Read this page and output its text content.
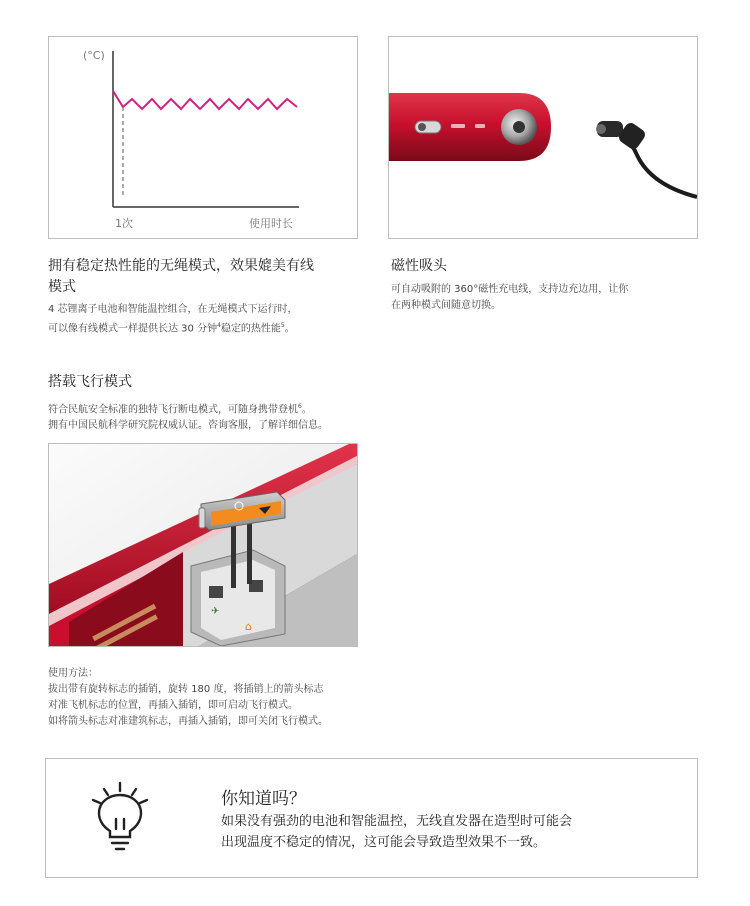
(°C)
1次	使用时长
拥有稳定热性能的无绳模式，效果媲美有线模式
4 芯锂离子电池和智能温控组合，在无绳模式下运行时，
可以像有线模式一样提供长达 30 分钟$^4$稳定的热性能$^5$。
磁性吸头
可自动吸附的 360°磁性充电线，支持边充边用，让你
在两种模式间随意切换。
搭载飞行模式
符合民航安全标准的独特飞行断电模式，可随身携带登机$^6$。
拥有中国民航科学研究院权威认证。咨询客服，了解详细信息。
✈
⌂
使用方法：
拔出带有旋转标志的插销，旋转 180 度，将插销上的箭头标志
对准飞机标志的位置，再插入插销，即可启动飞行模式。
如将箭头标志对准建筑标志，再插入插销，即可关闭飞行模式。
你知道吗？
如果没有强劲的电池和智能温控，无线直发器在造型时可能会
出现温度不稳定的情况，这可能会导致造型效果不一致。
